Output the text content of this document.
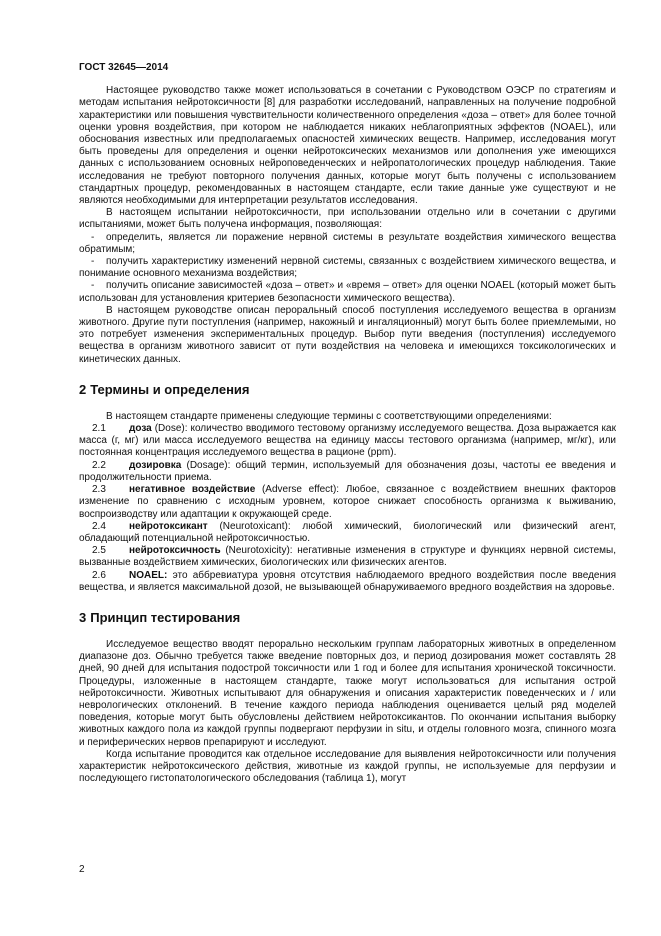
ГОСТ 32645—2014

Настоящее руководство также может использоваться в сочетании с Руководством ОЭСР по стратегиям и методам испытания нейротоксичности [8] для разработки исследований, направленных на получение подробной характеристики или повышения чувствительности количественного определения «доза – ответ» для более точной оценки уровня воздействия, при котором не наблюдается никаких неблагоприятных эффектов (NOAEL), или обоснования известных или предполагаемых опасностей химических веществ. Например, исследования могут быть проведены для определения и оценки нейротоксических механизмов или дополнения уже имеющихся данных с использованием основных нейроповеденческих и нейропатологических процедур наблюдения. Такие исследования не требуют повторного получения данных, которые могут быть получены с использованием стандартных процедур, рекомендованных в настоящем стандарте, если такие данные уже существуют и не являются необходимыми для интерпретации результатов исследования.

В настоящем испытании нейротоксичности, при использовании отдельно или в сочетании с другими испытаниями, может быть получена информация, позволяющая:

- определить, является ли поражение нервной системы в результате воздействия химического вещества обратимым;

- получить характеристику изменений нервной системы, связанных с воздействием химического вещества, и понимание основного механизма воздействия;

- получить описание зависимостей «доза – ответ» и «время – ответ» для оценки NOAEL (который может быть использован для установления критериев безопасности химического вещества).

В настоящем руководстве описан пероральный способ поступления исследуемого вещества в организм животного. Другие пути поступления (например, накожный и ингаляционный) могут быть более приемлемыми, но это потребует изменения экспериментальных процедур. Выбор пути введения (поступления) исследуемого вещества в организм животного зависит от пути воздействия на человека и имеющихся токсикологических и кинетических данных.

2 Термины и определения

В настоящем стандарте применены следующие термины с соответствующими определениями:

2.1 доза (Dose): количество вводимого тестовому организму исследуемого вещества. Доза выражается как масса (г, мг) или масса исследуемого вещества на единицу массы тестового организма (например, мг/кг), или постоянная концентрация исследуемого вещества в рационе (ppm).

2.2 дозировка (Dosage): общий термин, используемый для обозначения дозы, частоты ее введения и продолжительности приема.

2.3 негативное воздействие (Adverse effect): Любое, связанное с воздействием внешних факторов изменение по сравнению с исходным уровнем, которое снижает способность организма к выживанию, воспроизводству или адаптации к окружающей среде.

2.4 нейротоксикант (Neurotoxicant): любой химический, биологический или физический агент, обладающий потенциальной нейротоксичностью.

2.5 нейротоксичность (Neurotoxicity): негативные изменения в структуре и функциях нервной системы, вызванные воздействием химических, биологических или физических агентов.

2.6 NOAEL: это аббревиатура уровня отсутствия наблюдаемого вредного воздействия после введения вещества, и является максимальной дозой, не вызывающей обнаруживаемого вредного воздействия на здоровье.

3 Принцип тестирования

Исследуемое вещество вводят перорально нескольким группам лабораторных животных в определенном диапазоне доз. Обычно требуется также введение повторных доз, и период дозирования может составлять 28 дней, 90 дней для испытания подострой токсичности или 1 год и более для испытания хронической токсичности. Процедуры, изложенные в настоящем стандарте, также могут использоваться для испытания острой нейротоксичности. Животных испытывают для обнаружения и описания характеристик поведенческих и / или неврологических отклонений. В течение каждого периода наблюдения оценивается целый ряд моделей поведения, которые могут быть обусловлены действием нейротоксикантов. По окончании испытания выборку животных каждого пола из каждой группы подвергают перфузии in situ, и отделы головного мозга, спинного мозга и периферических нервов препарируют и исследуют.

Когда испытание проводится как отдельное исследование для выявления нейротоксичности или получения характеристик нейротоксического действия, животные из каждой группы, не используемые для перфузии и последующего гистопатологического обследования (таблица 1), могут

2
